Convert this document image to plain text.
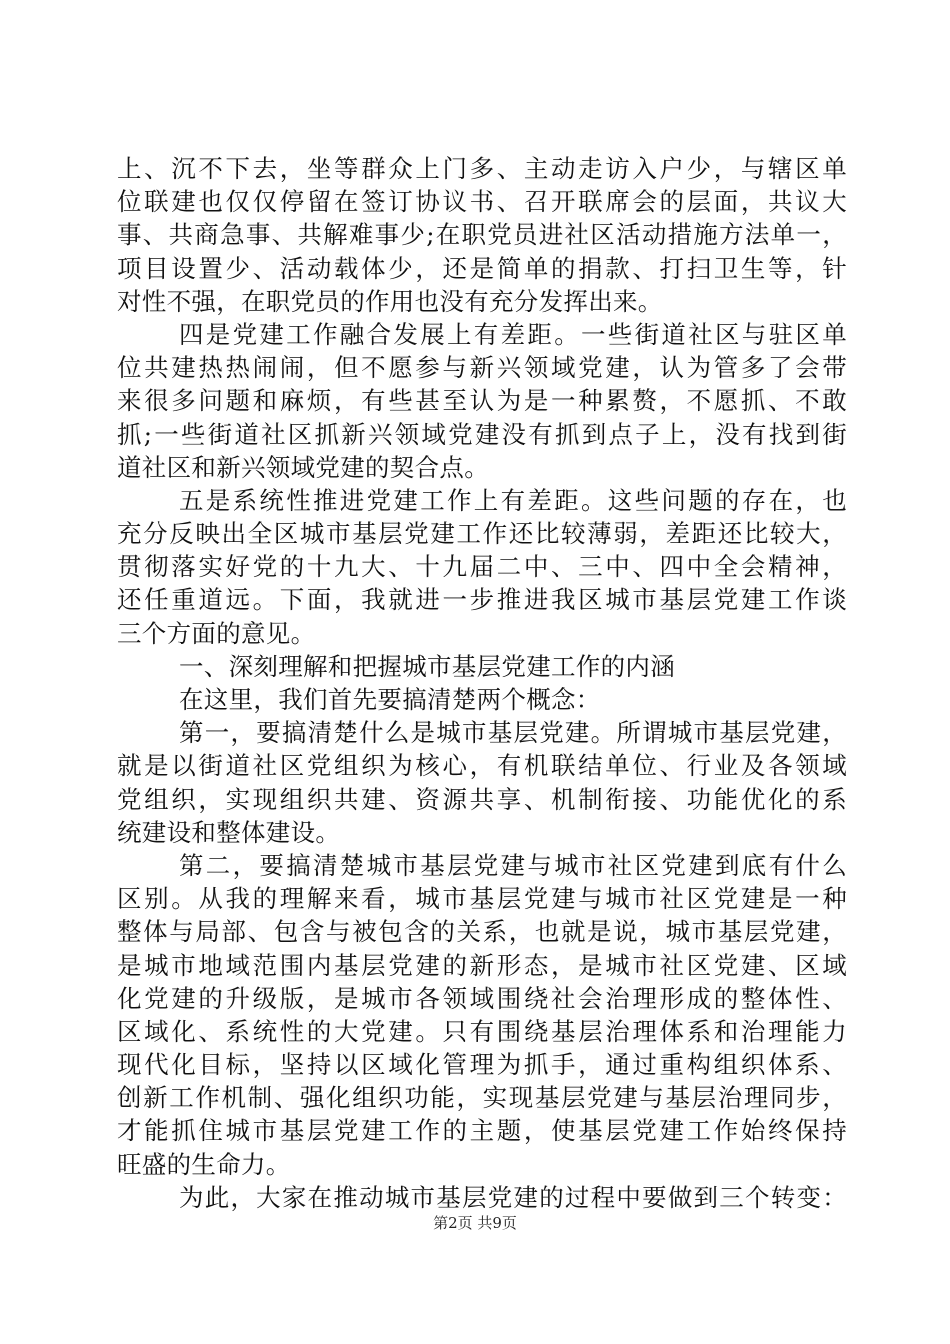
上、沉不下去，坐等群众上门多、主动走访入户少，与辖区单
位联建也仅仅停留在签订协议书、召开联席会的层面，共议大
事、共商急事、共解难事少;在职党员进社区活动措施方法单一，
项目设置少、活动载体少，还是简单的捐款、打扫卫生等，针
对性不强，在职党员的作用也没有充分发挥出来。
四是党建工作融合发展上有差距。一些街道社区与驻区单
位共建热热闹闹，但不愿参与新兴领域党建，认为管多了会带
来很多问题和麻烦，有些甚至认为是一种累赘，不愿抓、不敢
抓;一些街道社区抓新兴领域党建没有抓到点子上，没有找到街
道社区和新兴领域党建的契合点。
五是系统性推进党建工作上有差距。这些问题的存在，也
充分反映出全区城市基层党建工作还比较薄弱，差距还比较大，
贯彻落实好党的十九大、十九届二中、三中、四中全会精神，
还任重道远。下面，我就进一步推进我区城市基层党建工作谈
三个方面的意见。
一、深刻理解和把握城市基层党建工作的内涵
在这里，我们首先要搞清楚两个概念：
第一，要搞清楚什么是城市基层党建。所谓城市基层党建，
就是以街道社区党组织为核心，有机联结单位、行业及各领域
党组织，实现组织共建、资源共享、机制衔接、功能优化的系
统建设和整体建设。
第二，要搞清楚城市基层党建与城市社区党建到底有什么
区别。从我的理解来看，城市基层党建与城市社区党建是一种
整体与局部、包含与被包含的关系，也就是说，城市基层党建，
是城市地域范围内基层党建的新形态，是城市社区党建、区域
化党建的升级版，是城市各领域围绕社会治理形成的整体性、
区域化、系统性的大党建。只有围绕基层治理体系和治理能力
现代化目标，坚持以区域化管理为抓手，通过重构组织体系、
创新工作机制、强化组织功能，实现基层党建与基层治理同步，
才能抓住城市基层党建工作的主题，使基层党建工作始终保持
旺盛的生命力。
为此，大家在推动城市基层党建的过程中要做到三个转变：
第2页 共9页
